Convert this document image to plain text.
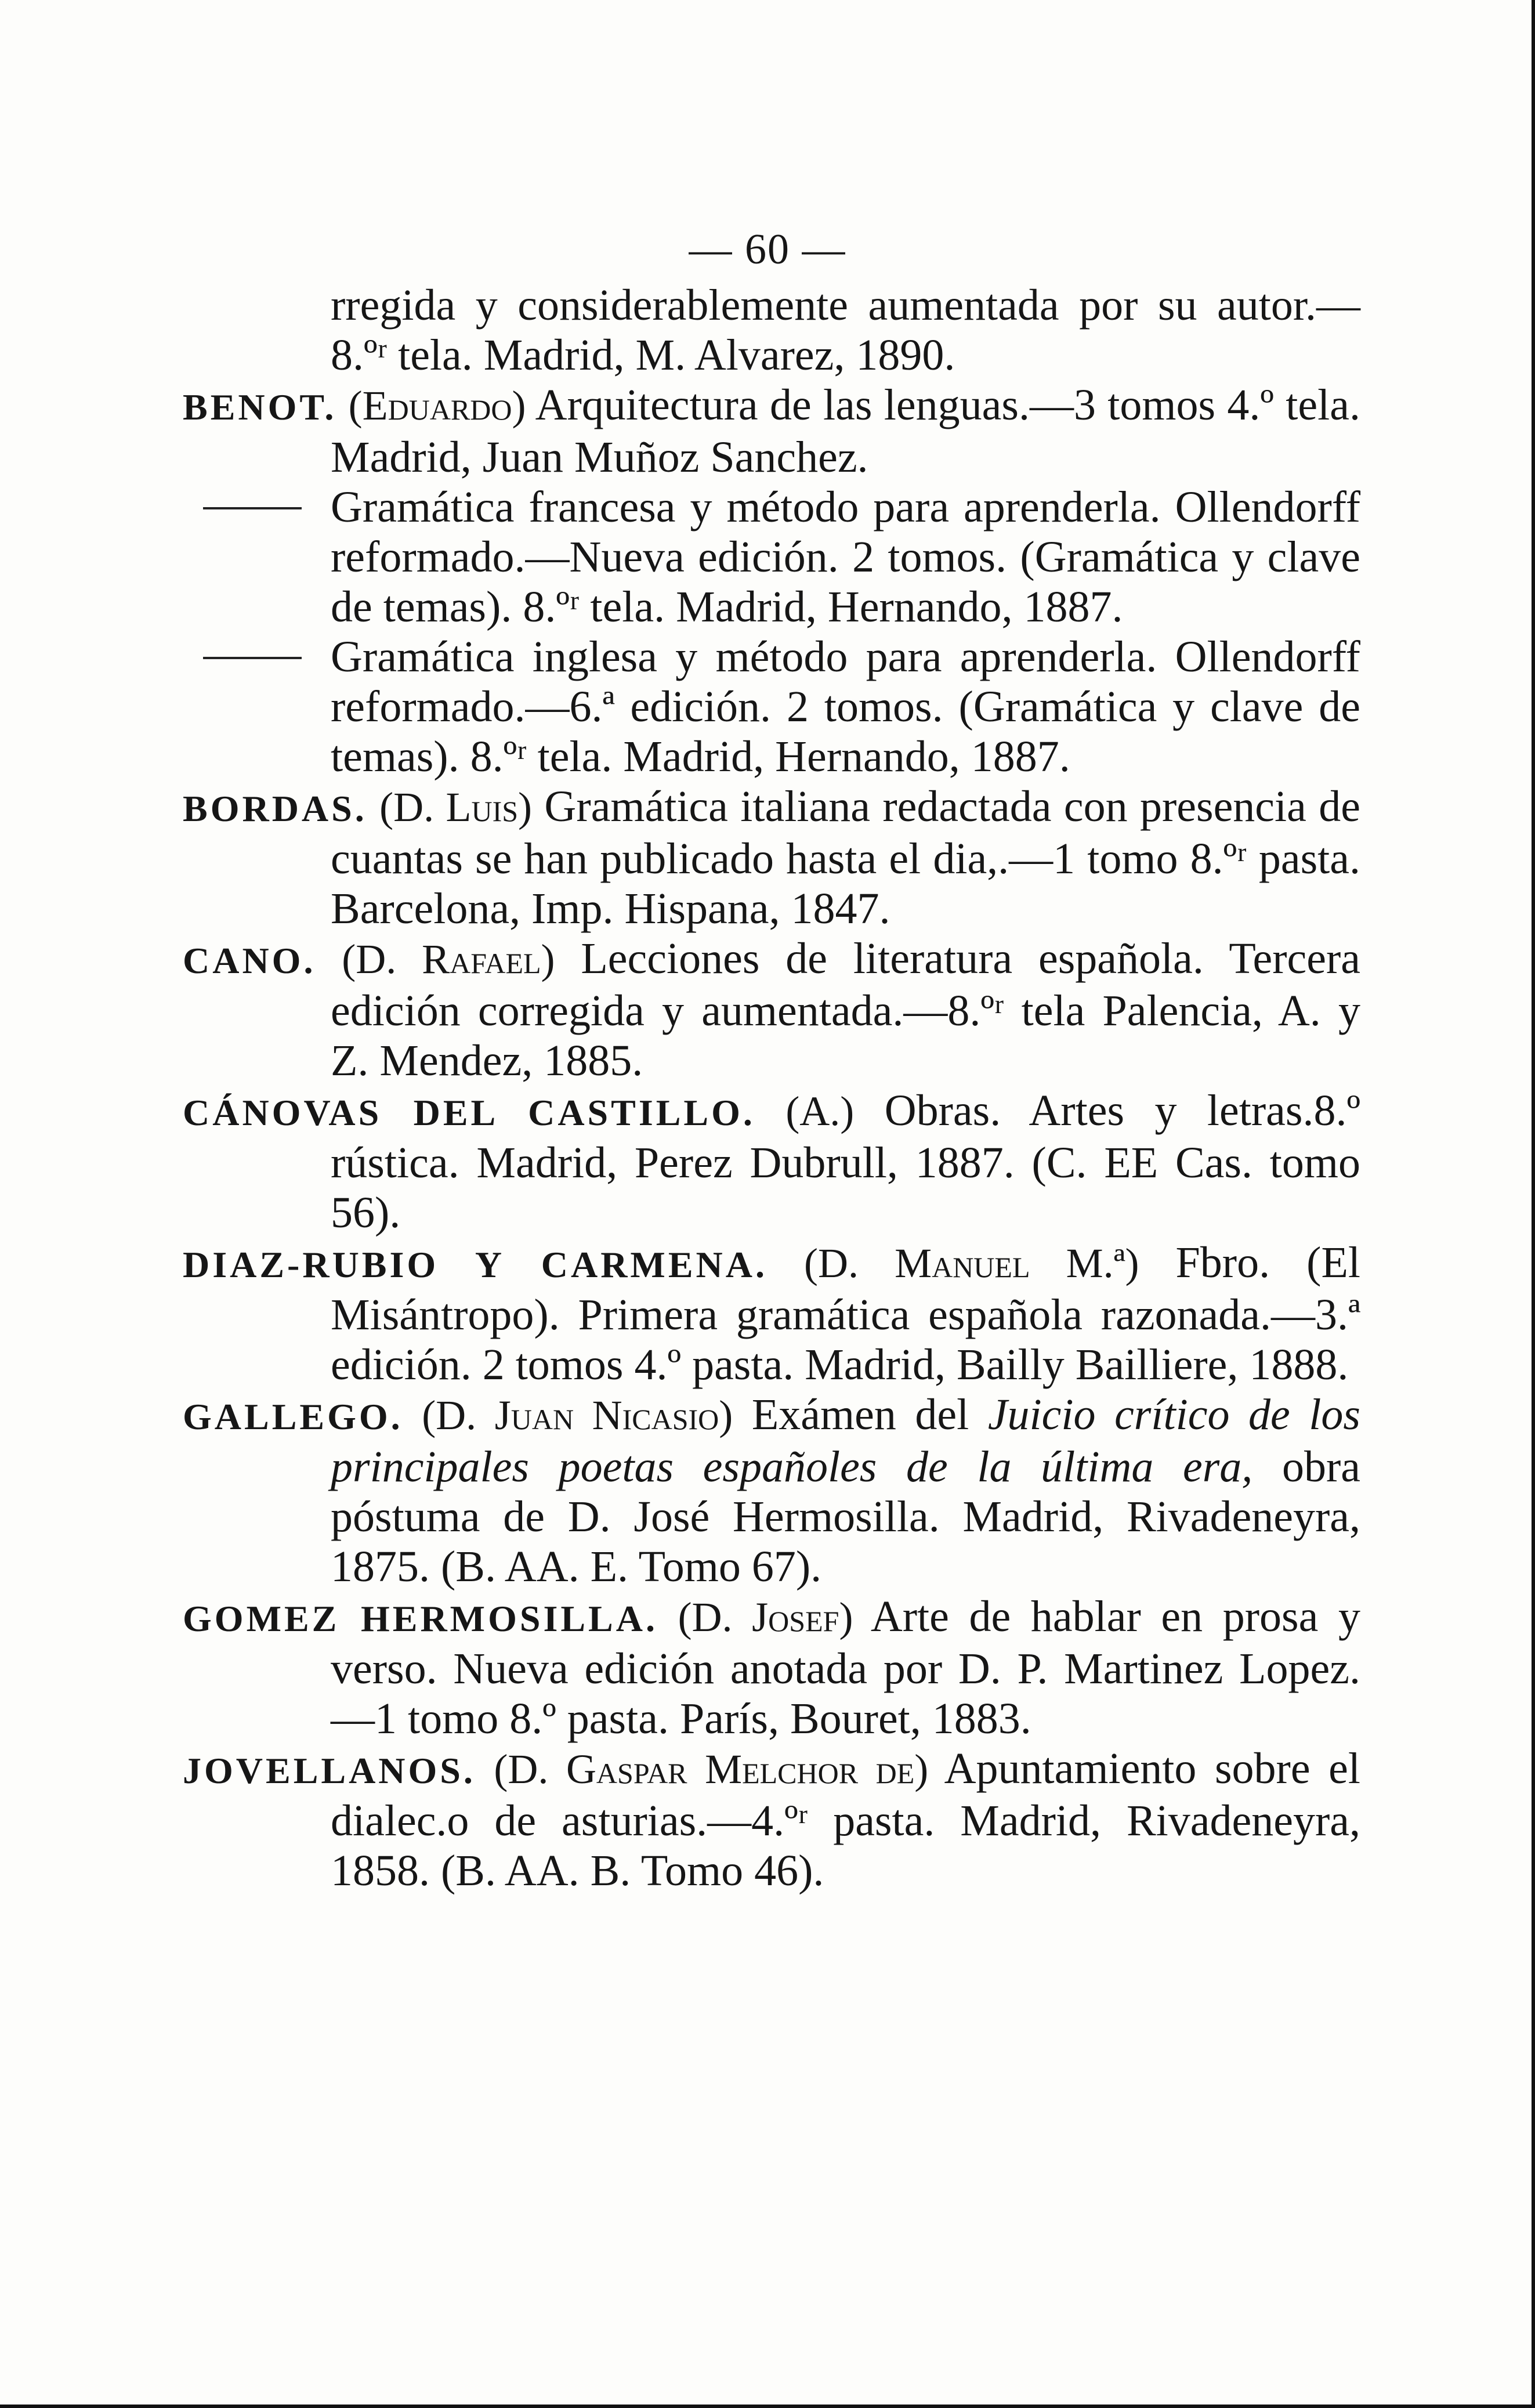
— 60 —

rregida y considerablemente aumentada por su autor.—8.ºʳ tela. Madrid, M. Alvarez, 1890.

BENOT. (Eduardo) Arquitectura de las lenguas.—3 tomos 4.º tela. Madrid, Juan Muñoz Sanchez.

Gramática francesa y método para aprenderla. Ollendorff reformado.—Nueva edición. 2 tomos. (Gramática y clave de temas). 8.ºʳ tela. Madrid, Hernando, 1887.

Gramática inglesa y método para aprenderla. Ollendorff reformado.—6.ª edición. 2 tomos. (Gramática y clave de temas). 8.ºʳ tela. Madrid, Hernando, 1887.

BORDAS. (D. Luis) Gramática italiana redactada con presencia de cuantas se han publicado hasta el dia,.—1 tomo 8.ºʳ pasta. Barcelona, Imp. Hispana, 1847.

CANO. (D. Rafael) Lecciones de literatura española. Tercera edición corregida y aumentada.—8.ºʳ tela Palencia, A. y Z. Mendez, 1885.

CÁNOVAS DEL CASTILLO. (A.) Obras. Artes y letras.8.º rústica. Madrid, Perez Dubrull, 1887. (C. EE Cas. tomo 56).

DIAZ-RUBIO Y CARMENA. (D. Manuel M.ª) Fbro. (El Misántropo). Primera gramática española razonada.—3.ª edición. 2 tomos 4.º pasta. Madrid, Bailly Bailliere, 1888.

GALLEGO. (D. Juan Nicasio) Exámen del Juicio crítico de los principales poetas españoles de la última era, obra póstuma de D. José Hermosilla. Madrid, Rivadeneyra, 1875. (B. AA. E. Tomo 67).

GOMEZ HERMOSILLA. (D. Josef) Arte de hablar en prosa y verso. Nueva edición anotada por D. P. Martinez Lopez.—1 tomo 8.º pasta. París, Bouret, 1883.

JOVELLANOS. (D. Gaspar Melchor de) Apuntamiento sobre el dialec.o de asturias.—4.ºʳ pasta. Madrid, Rivadeneyra, 1858. (B. AA. B. Tomo 46).
